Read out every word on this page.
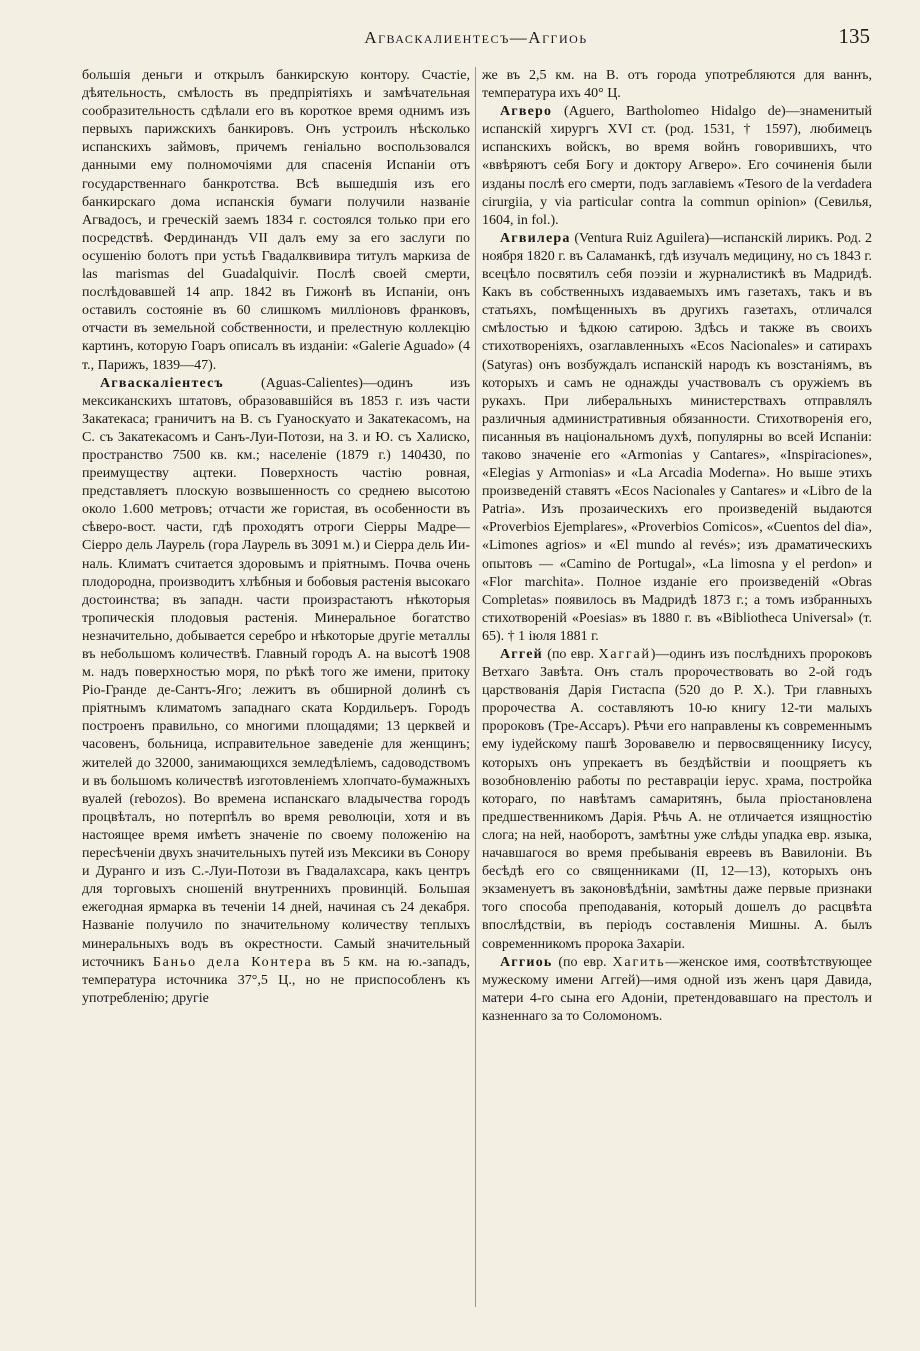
Агваскалиентесъ—Аггиоь	135

большія деньги и открылъ банкирскую контору. Счастіе, дѣятельность, смѣлость въ предпріятіяхъ и замѣчательная сообразительность сдѣлали его въ короткое время однимъ изъ первыхъ парижскихъ банкировъ. Онъ устроилъ нѣсколько испанскихъ займовъ, причемъ геніально воспользовался данными ему полномочіями для спасенія Испаніи отъ государственнаго банкротства. Всѣ вышедшія изъ его банкирскаго дома испанскія бумаги получили названіе Агвадосъ, и греческій заемъ 1834 г. состоялся только при его посредствѣ. Фердинандъ VII далъ ему за его заслуги по осушенію болотъ при устьѣ Гвадалквивира титулъ маркиза de las marismas del Guadalquivir. Послѣ своей смерти, послѣдовавшей 14 апр. 1842 въ Гижонѣ въ Испаніи, онъ оставилъ состояніе въ 60 слишкомъ милліоновъ франковъ, отчасти въ земельной собственности, и прелестную коллекцію картинъ, которую Гоаръ описалъ въ изданіи: «Galerie Aguado» (4 т., Парижъ, 1839—47).

Агваскаліентесъ	(Aguas-Calientes)—одинъ изъ мексиканскихъ штатовъ, образовавшійся въ 1853 г. изъ части Закатекаса; граничитъ на В. съ Гуаноскуато и Закатекасомъ, на С. съ Закатекасомъ и Санъ-Луи-Потози, на З. и Ю. съ Халиско, пространство 7500 кв. км.; населеніе (1879 г.) 140430, по преимуществу ацтеки. Поверхность частію ровная, представляетъ плоскую возвышенность со среднею высотою около 1.600 метровъ; отчасти же гористая, въ особенности въ сѣверо-вост. части, гдѣ проходятъ отроги Сіерры Мадре—Сіерро дель Лаурель (гора Лаурель въ 3091 м.) и Сіерра дель Ии-наль. Климатъ считается здоровымъ и пріятнымъ. Почва очень плодородна, производитъ хлѣбныя и бобовыя растенія высокаго достоинства; въ западн. части произрастаютъ нѣкоторыя тропическія плодовыя растенія. Минеральное богатство незначительно, добывается серебро и нѣкоторые другіе металлы въ небольшомъ количествѣ. Главный городъ А. на высотѣ 1908 м. надъ поверхностью моря, по рѣкѣ того же имени, притоку Ріо-Гранде де-Сантъ-Яго; лежитъ въ обширной долинѣ съ пріятнымъ климатомъ западнаго ската Кордильеръ. Городъ построенъ правильно, со многими площадями; 13 церквей и часовенъ, больница, исправительное заведеніе для женщинъ; жителей до 32000, занимающихся земледѣліемъ, садоводствомъ и въ большомъ количествѣ изготовленіемъ хлопчато-бумажныхъ вуалей (rebozos). Во времена испанскаго владычества городъ процвѣталъ, но потерпѣлъ во время революціи, хотя и въ настоящее время имѣетъ значеніе по своему положенію на пересѣченіи двухъ значительныхъ путей изъ Мексики въ Сонору и Дуранго и изъ С.-Луи-Потози въ Гвадалахсара, какъ центръ для торговыхъ сношеній внутреннихъ провинцій. Большая ежегодная ярмарка въ теченіи 14 дней, начиная съ 24 декабря. Названіе получило по значительному количеству теплыхъ минеральныхъ водъ въ окрестности. Самый значительный источникъ Баньо дела Контера въ 5 км. на ю.-западъ, температура источника 37°,5 Ц., но не приспособленъ къ употребленію; другіе

же въ 2,5 км. на В. отъ города употребляются для ваннъ, температура ихъ 40° Ц.

Агверо (Aguero, Bartholomeo Hidalgo de)—знаменитый испанскій хирургъ XVI ст. (род. 1531, † 1597), любимецъ испанскихъ войскъ, во время войнъ говорившихъ, что «ввѣряютъ себя Богу и доктору Агверо». Его сочиненія были изданы послѣ его смерти, подъ заглавіемъ «Tesoro de la verdadera cirurgiia, y via particular contra la commun opinion» (Севилья, 1604, in fol.).

Агвилера (Ventura Ruiz Aguilera)—испанскій лирикъ. Род. 2 ноября 1820 г. въ Саламанкѣ, гдѣ изучалъ медицину, но съ 1843 г. всецѣло посвятилъ себя поэзіи и журналистикѣ въ Мадридѣ. Какъ въ собственныхъ издаваемыхъ имъ газетахъ, такъ и въ статьяхъ, помѣщенныхъ въ другихъ газетахъ, отличался смѣлостью и ѣдкою сатирою. Здѣсь и также въ своихъ стихотвореніяхъ, озаглавленныхъ «Ecos Nacionales» и сатирахъ (Satyras) онъ возбуждалъ испанскій народъ къ возстаніямъ, въ которыхъ и самъ не однажды участвовалъ съ оружіемъ въ рукахъ. При либеральныхъ министерствахъ отправлялъ различныя административныя обязанности. Стихотворенія его, писанныя въ національномъ духѣ, популярны во всей Испаніи: таково значеніе его «Armonias y Cantares», «Inspiraciones», «Elegias y Armonias» и «La Arcadia Moderna». Но выше этихъ произведеній ставятъ «Ecos Nacionales y Cantares» и «Libro de la Patria». Изъ прозаическихъ его произведеній выдаются «Proverbios Ejemplares», «Proverbios Comicos», «Cuentos del dia», «Limones agrios» и «El mundo al revés»; изъ драматическихъ опытовъ — «Camino de Portugal», «La limosna y el perdon» и «Flor marchita». Полное изданіе его произведеній «Obras Completas» появилось въ Мадридѣ 1873 г.; а томъ избранныхъ стихотвореній «Poesias» въ 1880 г. въ «Bibliotheca Universal» (т. 65). † 1 іюля 1881 г.

Аггей (по евр. Хаггай)—одинъ изъ послѣднихъ пророковъ Ветхаго Завѣта. Онъ сталъ пророчествовать во 2-ой годъ царствованія Дарія Гистаспа (520 до Р. Х.). Три главныхъ пророчества А. составляютъ 10-ю книгу 12-ти малыхъ пророковъ (Тре-Ассаръ). Рѣчи его направлены къ современнымъ ему іудейскому пашѣ Зоровавелю и первосвященнику Іисусу, которыхъ онъ упрекаетъ въ бездѣйствіи и поощряетъ къ возобновленію работы по реставраціи іерус. храма, постройка котораго, по навѣтамъ самаритянъ, была пріостановлена предшественникомъ Дарія. Рѣчь А. не отличается изящностію слога; на ней, наоборотъ, замѣтны уже слѣды упадка евр. языка, начавшагося во время пребыванія евреевъ въ Вавилоніи. Въ бесѣдѣ его со священниками (II, 12—13), которыхъ онъ экзаменуетъ въ законовѣдѣніи, замѣтны даже первые признаки того способа преподаванія, который дошелъ до расцвѣта впослѣдствіи, въ періодъ составленія Мишны. А. былъ современникомъ пророка Захаріи.

Аггиоь (по евр. Хагить—женское имя, соотвѣтствующее мужескому имени Аггей)—имя одной изъ женъ царя Давида, матери 4-го сына его Адоніи, претендовавшаго на престолъ и казненнаго за то Соломономъ.
